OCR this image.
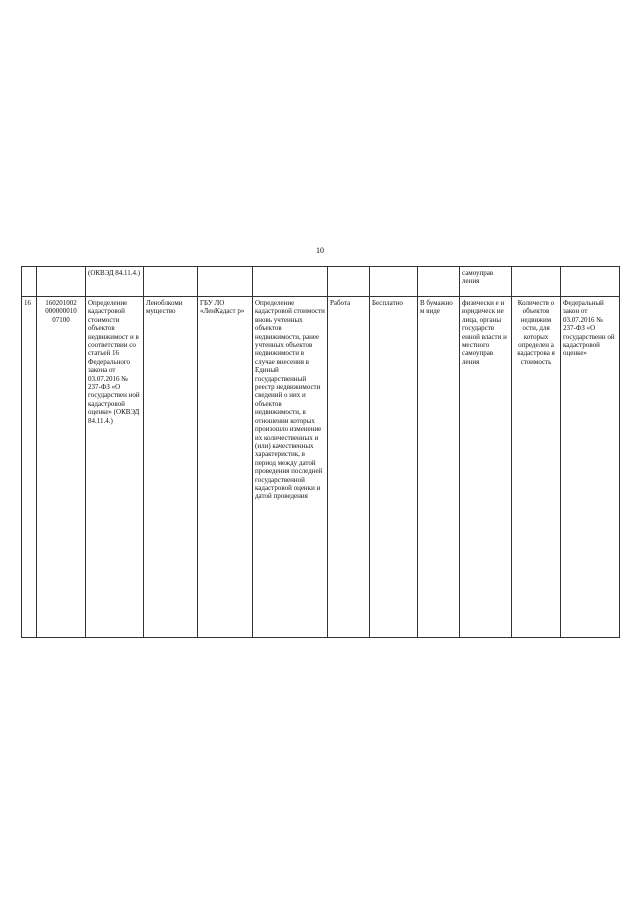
10
		(ОКВЭД 84.11.4.)							самоуправ ления		
16	160201002 000000010 07100	Определение кадастровой стоимости объектов недвижимост и в соответствии со статьей 16 Федерального закона от 03.07.2016 № 237-ФЗ «О государствен ной кадастровой оценке» (ОКВЭД 84.11.4.)	Леноблкоми мущество	ГБУ ЛО «ЛенКадаст р»	Определение кадастровой стоимости вновь учтенных объектов недвижимости, ранее учтенных объектов недвижимости в случае внесения в Единый государственный реестр недвижимости сведений о них и объектов недвижимости, в отношении которых произошло изменение их количественных и (или) качественных характеристик, в период между датой проведения последней государственной кадастровой оценки и датой проведения	Работа	Бесплатно	В бумажно м виде	физически е и юридическ ие лица, органы государств енной власти и местного самоуправ ления	Количеств о объектов недвижим ости, для которых определен а кадастрова я стоимость	Федеральный закон от 03.07.2016 № 237-ФЗ «О государственн ой кадастровой оценке»
